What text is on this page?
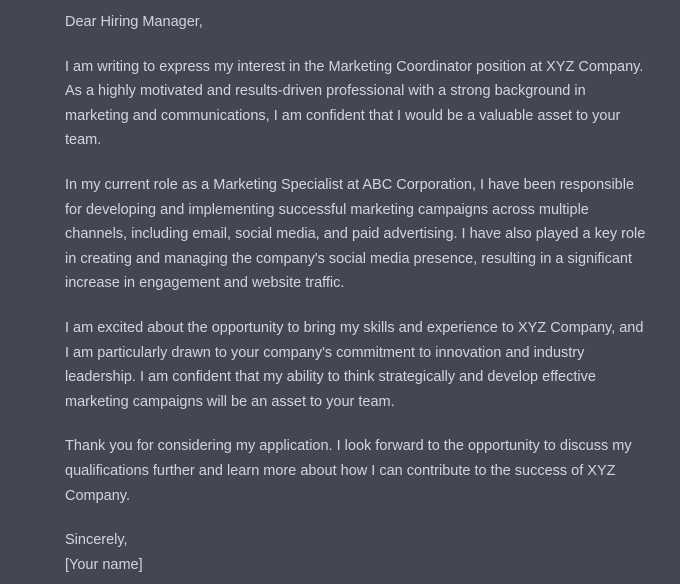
Dear Hiring Manager,

I am writing to express my interest in the Marketing Coordinator position at XYZ Company.
As a highly motivated and results-driven professional with a strong background in
marketing and communications, I am confident that I would be a valuable asset to your
team.

In my current role as a Marketing Specialist at ABC Corporation, I have been responsible
for developing and implementing successful marketing campaigns across multiple
channels, including email, social media, and paid advertising. I have also played a key role
in creating and managing the company's social media presence, resulting in a significant
increase in engagement and website traffic.

I am excited about the opportunity to bring my skills and experience to XYZ Company, and
I am particularly drawn to your company's commitment to innovation and industry
leadership. I am confident that my ability to think strategically and develop effective
marketing campaigns will be an asset to your team.

Thank you for considering my application. I look forward to the opportunity to discuss my
qualifications further and learn more about how I can contribute to the success of XYZ
Company.

Sincerely,
[Your name]
